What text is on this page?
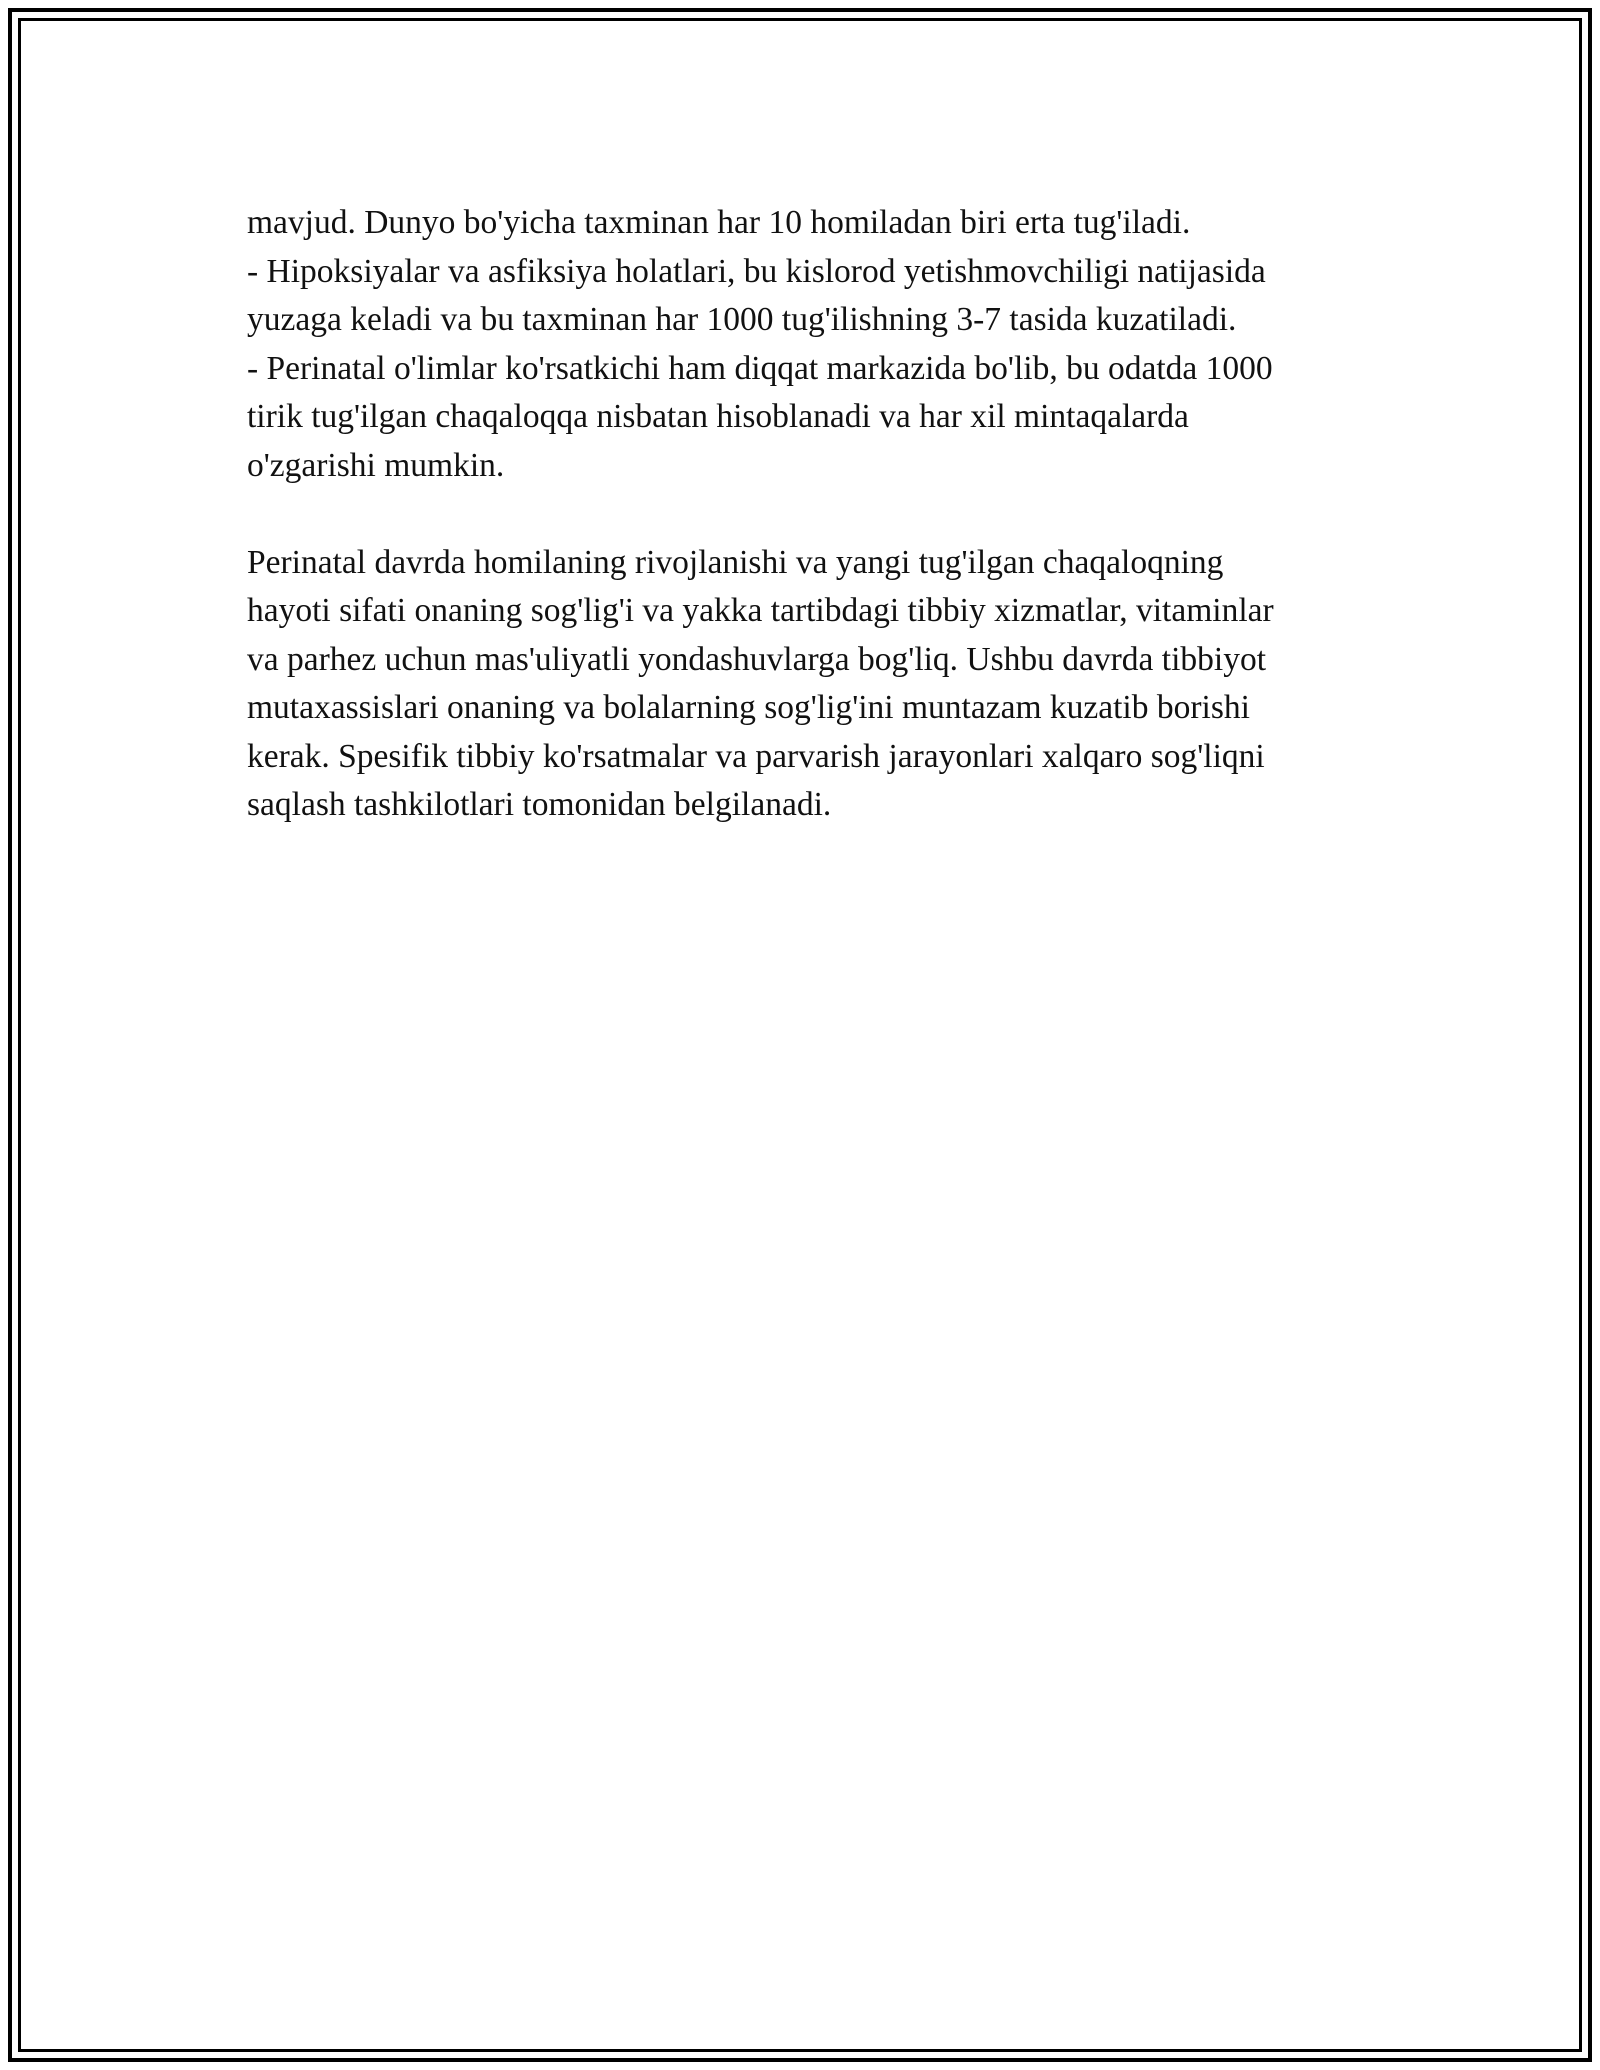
mavjud. Dunyo bo'yicha taxminan har 10 homiladan biri erta tug'iladi.
- Hipoksiyalar va asfiksiya holatlari, bu kislorod yetishmovchiligi natijasida
yuzaga keladi va bu taxminan har 1000 tug'ilishning 3-7 tasida kuzatiladi.
- Perinatal o'limlar ko'rsatkichi ham diqqat markazida bo'lib, bu odatda 1000
tirik tug'ilgan chaqaloqqa nisbatan hisoblanadi va har xil mintaqalarda
o'zgarishi mumkin.
Perinatal davrda homilaning rivojlanishi va yangi tug'ilgan chaqaloqning
hayoti sifati onaning sog'lig'i va yakka tartibdagi tibbiy xizmatlar, vitaminlar
va parhez uchun mas'uliyatli yondashuvlarga bog'liq. Ushbu davrda tibbiyot
mutaxassislari onaning va bolalarning sog'lig'ini muntazam kuzatib borishi
kerak. Spesifik tibbiy ko'rsatmalar va parvarish jarayonlari xalqaro sog'liqni
saqlash tashkilotlari tomonidan belgilanadi.
